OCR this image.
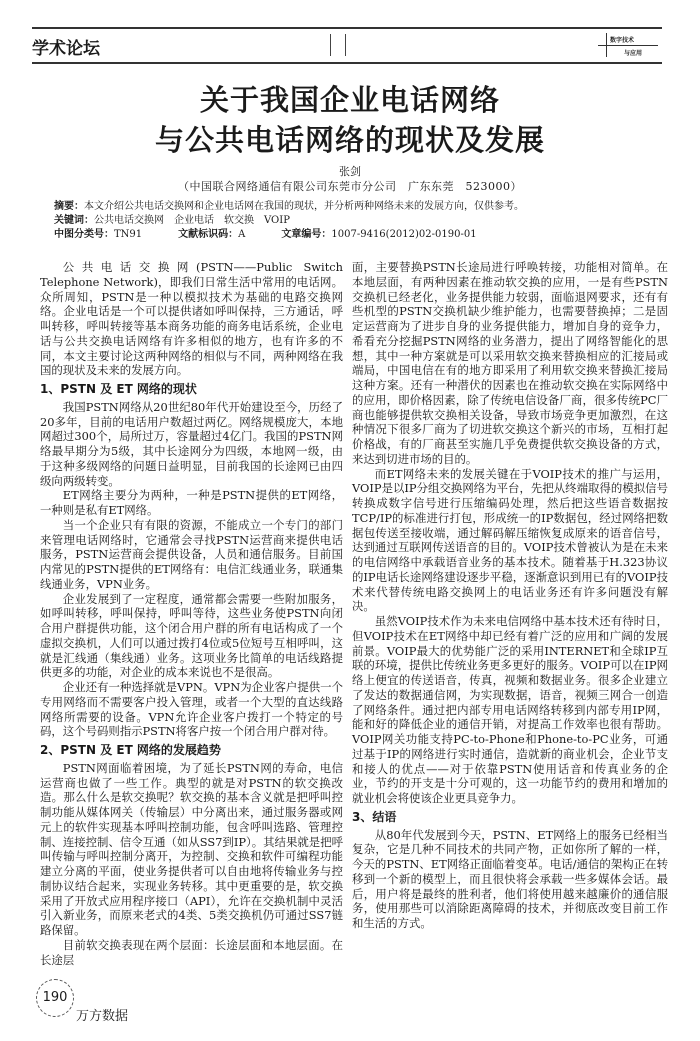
学术论坛	数字技术
与应用
关于我国企业电话网络
与公共电话网络的现状及发展
张剑
（中国联合网络通信有限公司东莞市分公司　广东东莞　523000）
摘要：本文介绍公共电话交换网和企业电话网在我国的现状，并分析两种网络未来的发展方向，仅供参考。
关键词：公共电话交换网　企业电话　软交换　VOIP
中图分类号：TN91	文献标识码：A	文章编号：1007-9416(2012)02-0190-01

公共电话交换网(PSTN——Public Switch Telephone Network)，即我们日常生活中常用的电话网。众所周知，PSTN是一种以模拟技术为基础的电路交换网络。企业电话是一个可以提供诸如呼叫保持，三方通话，呼叫转移，呼叫转接等基本商务功能的商务电话系统，企业电话与公共交换电话网络有许多相似的地方，也有许多的不同，本文主要讨论这两种网络的相似与不同，两种网络在我国的现状及未来的发展方向。

1、PSTN 及 ET 网络的现状

我国PSTN网络从20世纪80年代开始建设至今，历经了20多年，目前的电话用户数超过两亿。网络规模庞大，本地网超过300个，局所过万，容量超过4亿门。我国的PSTN网络最早期分为5级，其中长途网分为四级，本地网一级，由于这种多级网络的问题日益明显，目前我国的长途网已由四级向两级转变。

ET网络主要分为两种，一种是PSTN提供的ET网络，一种则是私有ET网络。

当一个企业只有有限的资源，不能成立一个专门的部门来管理电话网络时，它通常会寻找PSTN运营商来提供电话服务，PSTN运营商会提供设备，人员和通信服务。目前国内常见的PSTN提供的ET网络有：电信汇线通业务，联通集线通业务，VPN业务。

企业发展到了一定程度，通常都会需要一些附加服务，如呼叫转移，呼叫保持，呼叫等待，这些业务使PSTN向闭合用户群提供功能，这个闭合用户群的所有电话构成了一个虚拟交换机，人们可以通过拨打4位或5位短号互相呼叫，这就是汇线通（集线通）业务。这项业务比简单的电话线路提供更多的功能，对企业的成本来说也不是很高。

企业还有一种选择就是VPN。VPN为企业客户提供一个专用网络而不需要客户投入管理，或者一个大型的直达线路网络所需要的设备。VPN允许企业客户拨打一个特定的号码，这个号码则指示PSTN将客户按一个闭合用户群对待。

2、PSTN 及 ET 网络的发展趋势

PSTN网面临着困境，为了延长PSTN网的寿命，电信运营商也做了一些工作。典型的就是对PSTN的软交换改造。那么什么是软交换呢？软交换的基本含义就是把呼叫控制功能从媒体网关（传输层）中分离出来，通过服务器或网元上的软件实现基本呼叫控制功能，包含呼叫选路、管理控制、连接控制、信令互通（如从SS7到IP）。其结果就是把呼叫传输与呼叫控制分离开，为控制、交换和软件可编程功能建立分离的平面，使业务提供者可以自由地将传输业务与控制协议结合起来，实现业务转移。其中更重要的是，软交换采用了开放式应用程序接口（API），允许在交换机制中灵活引入新业务，而原来老式的4类、5类交换机仍可通过SS7链路保留。

目前软交换表现在两个层面：长途层面和本地层面。在长途层

190
万方数据

面，主要替换PSTN长途局进行呼唤转接，功能相对简单。在本地层面，有两种因素在推动软交换的应用，一是有些PSTN交换机已经老化，业务提供能力较弱，面临退网要求，还有有些机型的PSTN交换机缺少维护能力，也需要替换掉；二是固定运营商为了进步自身的业务提供能力，增加自身的竞争力，希看充分挖掘PSTN网络的业务潜力，提出了网络智能化的思想，其中一种方案就是可以采用软交换来替换相应的汇接局或端局，中国电信在有的地方即采用了利用软交换来替换汇接局这种方案。还有一种潜伏的因素也在推动软交换在实际网络中的应用，即价格因素，除了传统电信设备厂商，很多传统PC厂商也能够提供软交换相关设备，导致市场竞争更加激烈，在这种情况下很多厂商为了切进软交换这个新兴的市场，互相打起价格战，有的厂商甚至实施几乎免费提供软交换设备的方式，来达到切进市场的目的。

而ET网络未来的发展关键在于VOIP技术的推广与运用，VOIP是以IP分组交换网络为平台，先把从终端取得的模拟信号转换成数字信号进行压缩编码处理，然后把这些语音数据按TCP/IP的标准进行打包，形成统一的IP数据包，经过网络把数据包传送至接收端，通过解码解压缩恢复成原来的语音信号，达到通过互联网传送语音的目的。VOIP技术曾被认为是在未来的电信网络中承载语音业务的基本技术。随着基于H.323协议的IP电话长途网络建设逐步平稳，逐渐意识到用已有的VOIP技术来代替传统电路交换网上的电话业务还有许多问题没有解决。

虽然VOIP技术作为未来电信网络中基本技术还有待时日，但VOIP技术在ET网络中却已经有着广泛的应用和广阔的发展前景。VOIP最大的优势能广泛的采用INTERNET和全球IP互联的环境，提供比传统业务更多更好的服务。VOIP可以在IP网络上便宜的传送语音，传真，视频和数据业务。很多企业建立了发达的数据通信网，为实现数据，语音，视频三网合一创造了网络条件。通过把内部专用电话网络转移到内部专用IP网，能和好的降低企业的通信开销，对提高工作效率也很有帮助。VOIP网关功能支持PC-to-Phone和Phone-to-PC业务，可通过基于IP的网络进行实时通信，造就新的商业机会，企业节支和接人的优点——对于依靠PSTN使用话音和传真业务的企业，节约的开支是十分可观的，这一功能节约的费用和增加的就业机会将使该企业更具竞争力。

3、结语

从80年代发展到今天，PSTN、ET网络上的服务已经相当复杂，它是几种不同技术的共同产物，正如你所了解的一样，今天的PSTN、ET网络正面临着变革。电话/通信的架构正在转移到一个新的模型上，而且很快将会承载一些多媒体会话。最后，用户将是最终的胜利者，他们将使用越来越廉价的通信服务，使用那些可以消除距离障碍的技术，并彻底改变目前工作和生活的方式。
